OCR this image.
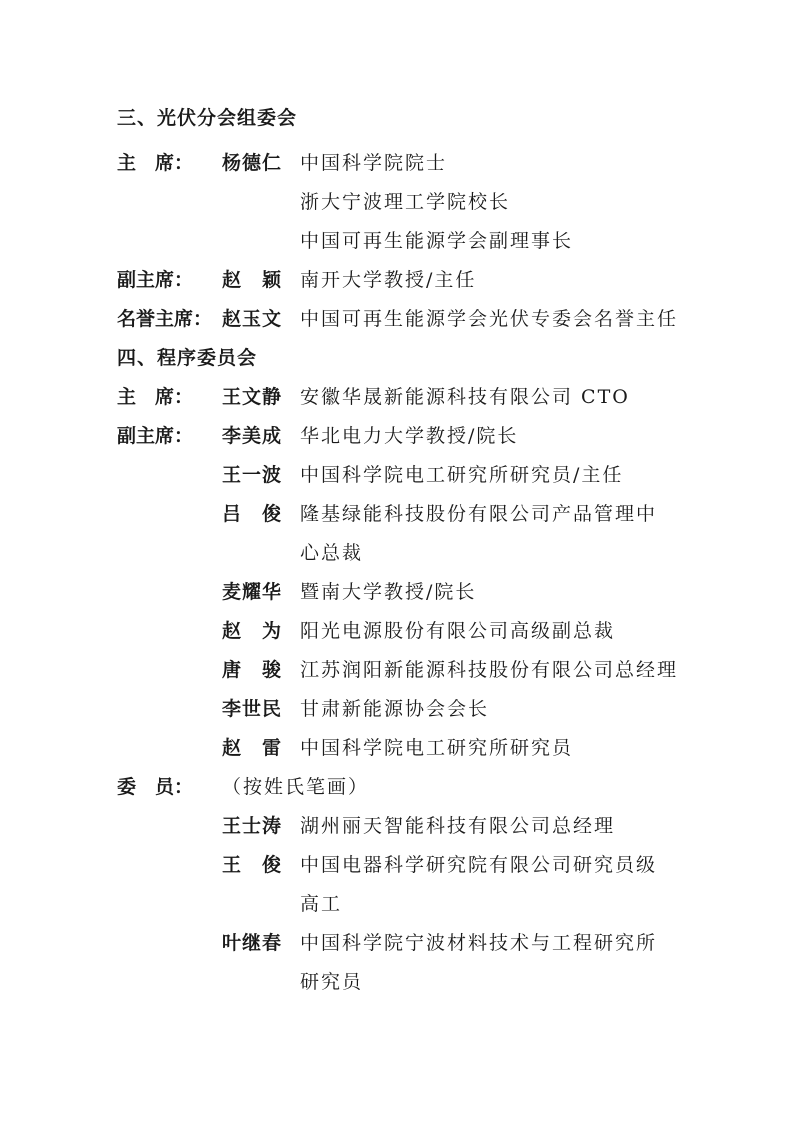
三、光伏分会组委会
主　席： 杨德仁 中国科学院院士
浙大宁波理工学院校长
中国可再生能源学会副理事长
副主席： 赵　颖 南开大学教授/主任
名誉主席： 赵玉文 中国可再生能源学会光伏专委会名誉主任
四、程序委员会
主　席： 王文静 安徽华晟新能源科技有限公司 CTO
副主席： 李美成 华北电力大学教授/院长
王一波 中国科学院电工研究所研究员/主任
吕　俊 隆基绿能科技股份有限公司产品管理中
心总裁
麦耀华 暨南大学教授/院长
赵　为 阳光电源股份有限公司高级副总裁
唐　骏 江苏润阳新能源科技股份有限公司总经理
李世民 甘肃新能源协会会长
赵　雷 中国科学院电工研究所研究员
委　员： （按姓氏笔画）
王士涛 湖州丽天智能科技有限公司总经理
王　俊 中国电器科学研究院有限公司研究员级
高工
叶继春 中国科学院宁波材料技术与工程研究所
研究员
